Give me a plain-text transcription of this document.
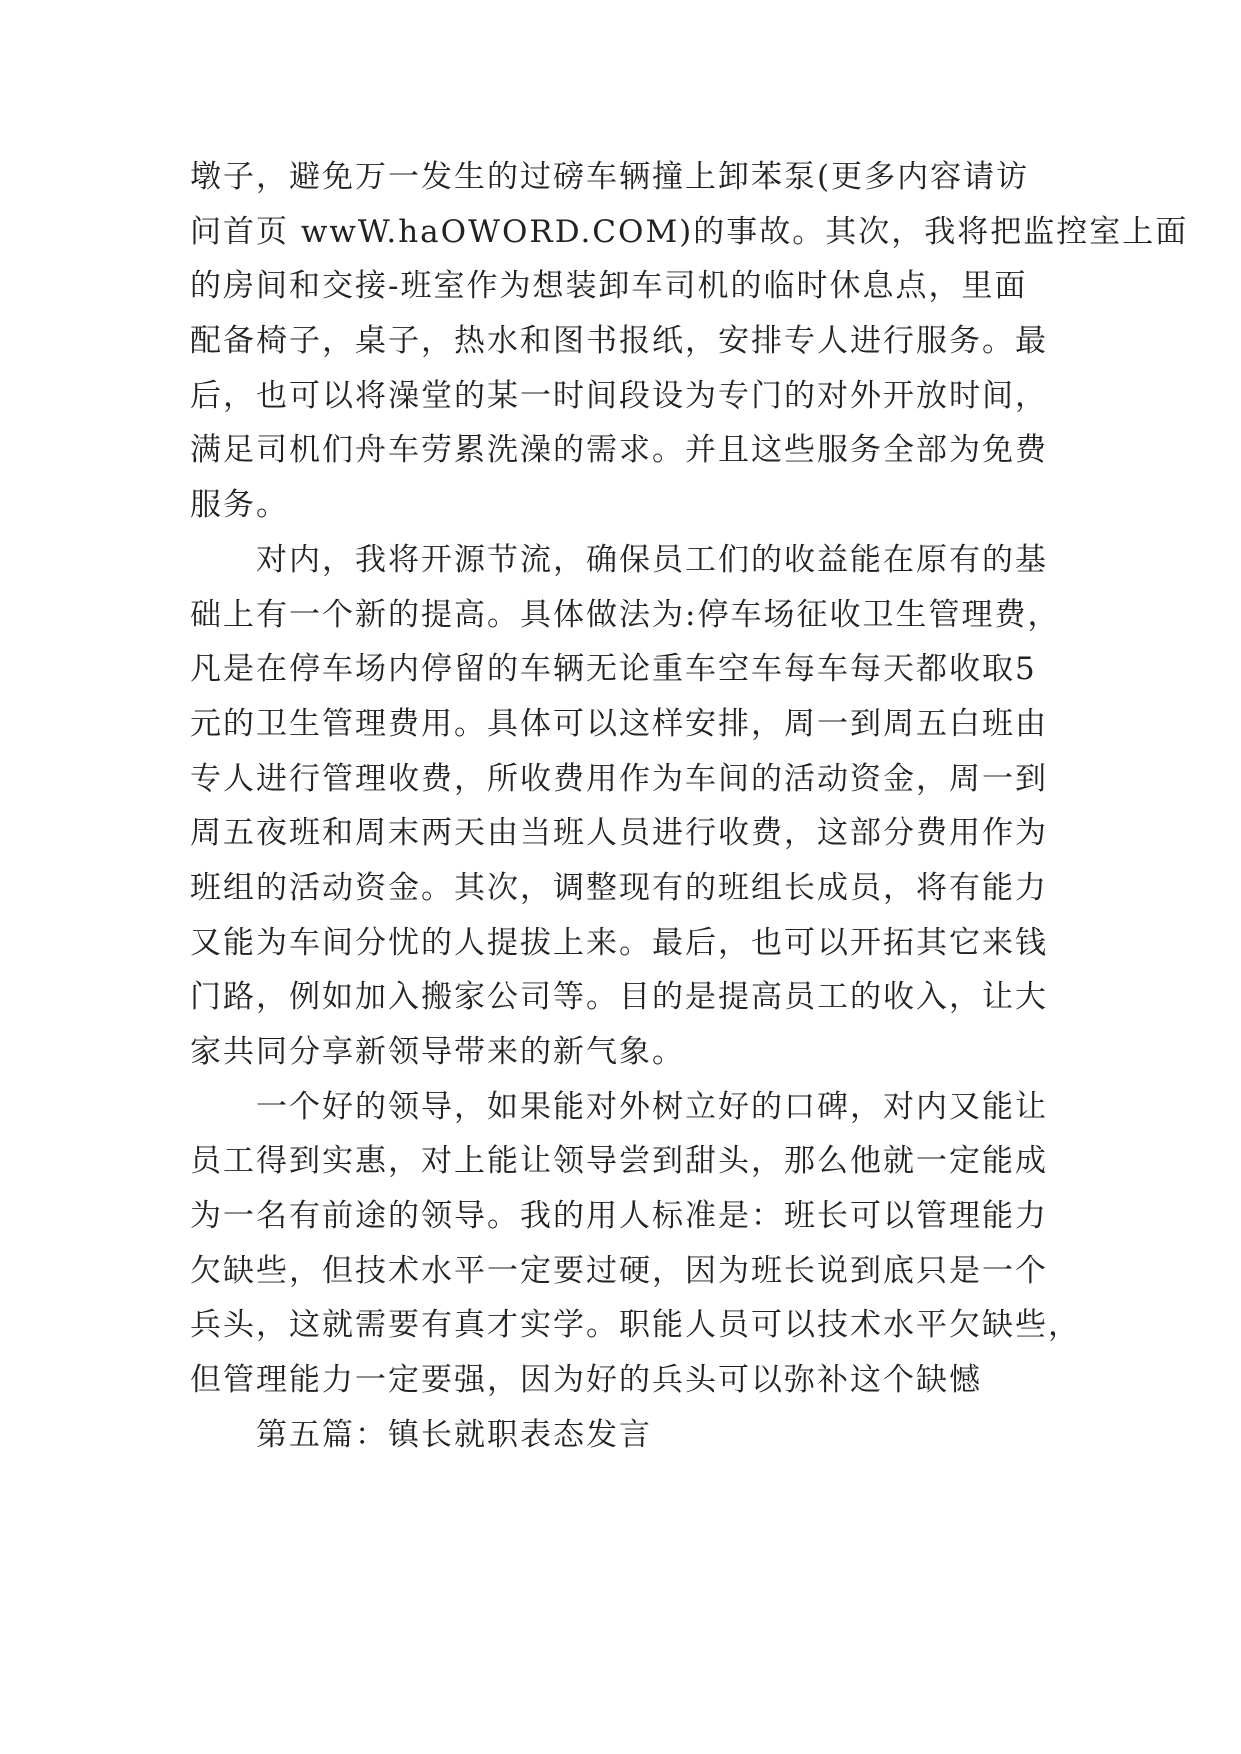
墩子，避免万一发生的过磅车辆撞上卸苯泵(更多内容请访
问首页 wwW.haOWORD.COM)的事故。其次，我将把监控室上面
的房间和交接-班室作为想装卸车司机的临时休息点，里面
配备椅子，桌子，热水和图书报纸，安排专人进行服务。最
后，也可以将澡堂的某一时间段设为专门的对外开放时间，
满足司机们舟车劳累洗澡的需求。并且这些服务全部为免费
服务。
对内，我将开源节流，确保员工们的收益能在原有的基
础上有一个新的提高。具体做法为:停车场征收卫生管理费，
凡是在停车场内停留的车辆无论重车空车每车每天都收取5
元的卫生管理费用。具体可以这样安排，周一到周五白班由
专人进行管理收费，所收费用作为车间的活动资金，周一到
周五夜班和周末两天由当班人员进行收费，这部分费用作为
班组的活动资金。其次，调整现有的班组长成员，将有能力
又能为车间分忧的人提拔上来。最后，也可以开拓其它来钱
门路，例如加入搬家公司等。目的是提高员工的收入，让大
家共同分享新领导带来的新气象。
一个好的领导，如果能对外树立好的口碑，对内又能让
员工得到实惠，对上能让领导尝到甜头，那么他就一定能成
为一名有前途的领导。我的用人标准是：班长可以管理能力
欠缺些，但技术水平一定要过硬，因为班长说到底只是一个
兵头，这就需要有真才实学。职能人员可以技术水平欠缺些，
但管理能力一定要强，因为好的兵头可以弥补这个缺憾
第五篇：镇长就职表态发言
